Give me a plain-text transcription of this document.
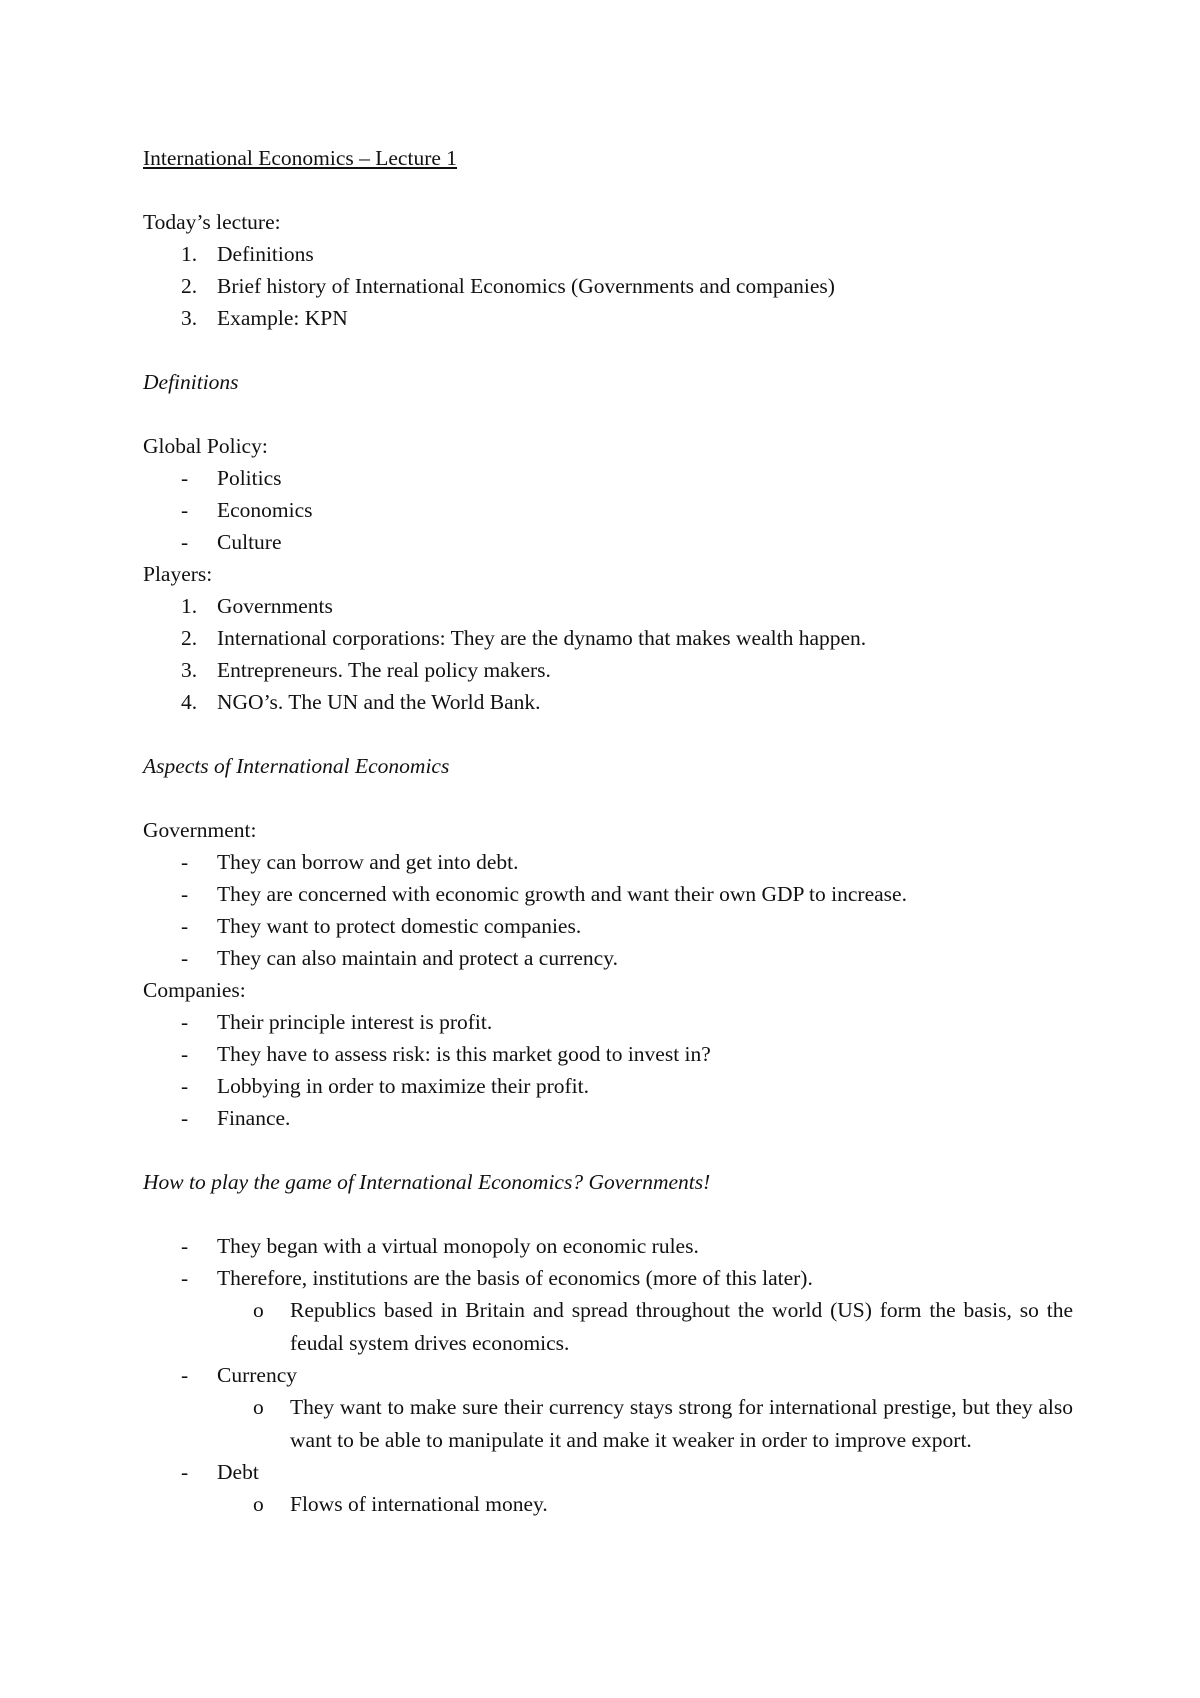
International Economics – Lecture 1
Today’s lecture:
1. Definitions
2. Brief history of International Economics (Governments and companies)
3. Example: KPN
Definitions
Global Policy:
-	Politics
-	Economics
-	Culture
Players:
1. Governments
2. International corporations: They are the dynamo that makes wealth happen.
3. Entrepreneurs. The real policy makers.
4. NGO’s. The UN and the World Bank.
Aspects of International Economics
Government:
-	They can borrow and get into debt.
-	They are concerned with economic growth and want their own GDP to increase.
-	They want to protect domestic companies.
-	They can also maintain and protect a currency.
Companies:
-	Their principle interest is profit.
-	They have to assess risk: is this market good to invest in?
-	Lobbying in order to maximize their profit.
-	Finance.
How to play the game of International Economics? Governments!
-	They began with a virtual monopoly on economic rules.
-	Therefore, institutions are the basis of economics (more of this later).
o Republics based in Britain and spread throughout the world (US) form the basis, so the feudal system drives economics.
-	Currency
o They want to make sure their currency stays strong for international prestige, but they also want to be able to manipulate it and make it weaker in order to improve export.
-	Debt
o Flows of international money.
